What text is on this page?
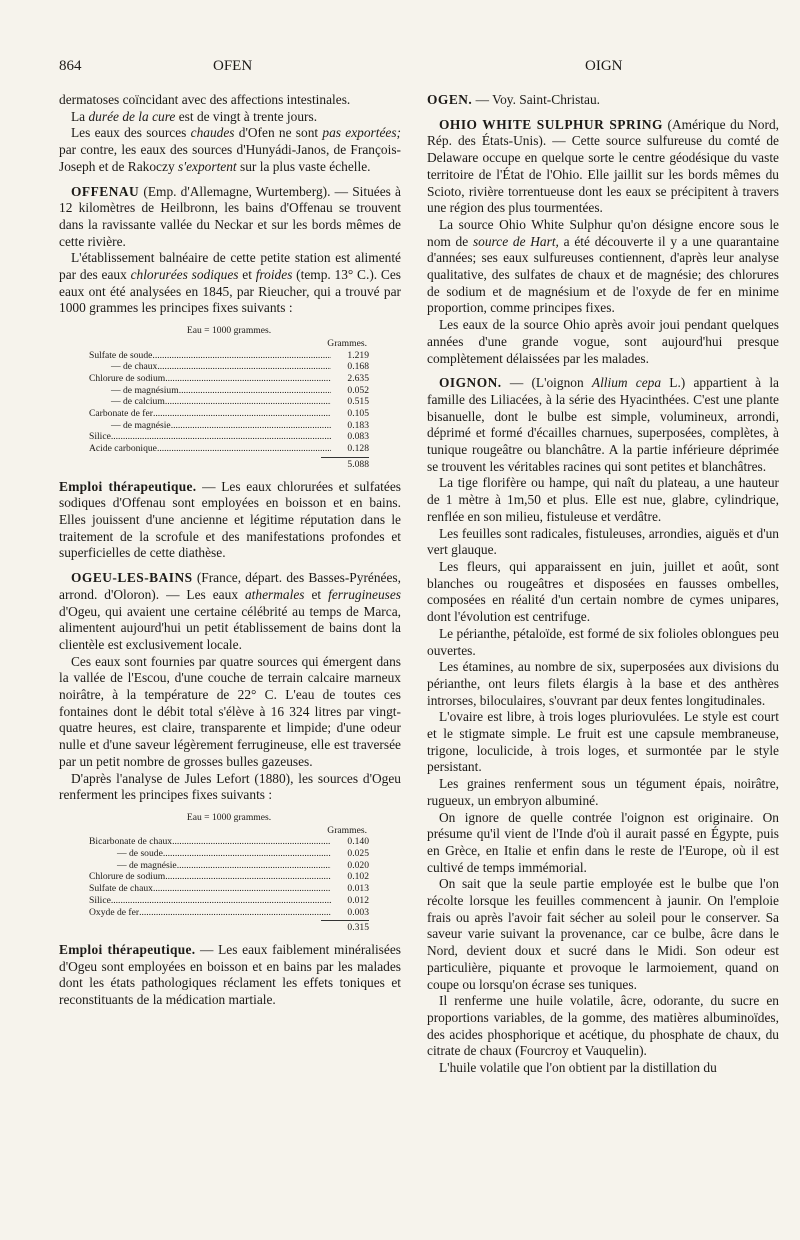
864	OFEN	OIGN

dermatoses coïncidant avec des affections intestinales.

La durée de la cure est de vingt à trente jours.

Les eaux des sources chaudes d'Ofen ne sont pas exportées; par contre, les eaux des sources d'Hunyádi-Janos, de François-Joseph et de Rakoczy s'exportent sur la plus vaste échelle.

OFFENAU (Emp. d'Allemagne, Wurtemberg). — Situées à 12 kilomètres de Heilbronn, les bains d'Offenau se trouvent dans la ravissante vallée du Neckar et sur les bords mêmes de cette rivière.

L'établissement balnéaire de cette petite station est alimenté par des eaux chlorurées sodiques et froides (temp. 13° C.). Ces eaux ont été analysées en 1845, par Rieucher, qui a trouvé par 1000 grammes les principes fixes suivants :

Eau = 1000 grammes.
Grammes.
Sulfate de soude .....	1.219
— de chaux .....	0.168
Chlorure de sodium .....	2.635
— de magnésium .....	0.052
— de calcium .....	0.515
Carbonate de fer .....	0.105
— de magnésie .....	0.183
Silice .....	0.083
Acide carbonique .....	0.128
5.088

Emploi thérapeutique. — Les eaux chlorurées et sulfatées sodiques d'Offenau sont employées en boisson et en bains. Elles jouissent d'une ancienne et légitime réputation dans le traitement de la scrofule et des manifestations profondes et superficielles de cette diathèse.

OGEU-LES-BAINS (France, départ. des Basses-Pyrénées, arrond. d'Oloron). — Les eaux athermales et ferrugineuses d'Ogeu, qui avaient une certaine célébrité au temps de Marca, alimentent aujourd'hui un petit établissement de bains dont la clientèle est exclusivement locale.

Ces eaux sont fournies par quatre sources qui émergent dans la vallée de l'Escou, d'une couche de terrain calcaire marneux noirâtre, à la température de 22° C. L'eau de toutes ces fontaines dont le débit total s'élève à 16 324 litres par vingt-quatre heures, est claire, transparente et limpide; d'une odeur nulle et d'une saveur légèrement ferrugineuse, elle est traversée par un petit nombre de grosses bulles gazeuses.

D'après l'analyse de Jules Lefort (1880), les sources d'Ogeu renferment les principes fixes suivants :

Eau = 1000 grammes.
Grammes.
Bicarbonate de chaux .....	0.140
— de soude .....	0.025
— de magnésie .....	0.020
Chlorure de sodium .....	0.102
Sulfate de chaux .....	0.013
Silice .....	0.012
Oxyde de fer .....	0.003
0.315

Emploi thérapeutique. — Les eaux faiblement minéralisées d'Ogeu sont employées en boisson et en bains par les malades dont les états pathologiques réclament les effets toniques et reconstituants de la médication martiale.

OGEN. — Voy. Saint-Christau.

OHIO WHITE SULPHUR SPRING (Amérique du Nord, Rép. des États-Unis). — Cette source sulfureuse du comté de Delaware occupe en quelque sorte le centre géodésique du vaste territoire de l'État de l'Ohio. Elle jaillit sur les bords mêmes du Scioto, rivière torrentueuse dont les eaux se précipitent à travers une région des plus tourmentées.

La source Ohio White Sulphur qu'on désigne encore sous le nom de source de Hart, a été découverte il y a une quarantaine d'années; ses eaux sulfureuses contiennent, d'après leur analyse qualitative, des sulfates de chaux et de magnésie; des chlorures de sodium et de magnésium et de l'oxyde de fer en minime proportion, comme principes fixes.

Les eaux de la source Ohio après avoir joui pendant quelques années d'une grande vogue, sont aujourd'hui presque complètement délaissées par les malades.

OIGNON. — (L'oignon Allium cepa L.) appartient à la famille des Liliacées, à la série des Hyacinthées. C'est une plante bisanuelle, dont le bulbe est simple, volumineux, arrondi, déprimé et formé d'écailles charnues, superposées, complètes, à tunique rougeâtre ou blanchâtre. A la partie inférieure déprimée se trouvent les véritables racines qui sont petites et blanchâtres.

La tige florifère ou hampe, qui naît du plateau, a une hauteur de 1 mètre à 1m,50 et plus. Elle est nue, glabre, cylindrique, renflée en son milieu, fistuleuse et verdâtre.

Les feuilles sont radicales, fistuleuses, arrondies, aiguës et d'un vert glauque.

Les fleurs, qui apparaissent en juin, juillet et août, sont blanches ou rougeâtres et disposées en fausses ombelles, composées en réalité d'un certain nombre de cymes unipares, dont l'évolution est centrifuge.

Le périanthe, pétaloïde, est formé de six folioles oblongues peu ouvertes.

Les étamines, au nombre de six, superposées aux divisions du périanthe, ont leurs filets élargis à la base et des anthères introrses, biloculaires, s'ouvrant par deux fentes longitudinales.

L'ovaire est libre, à trois loges pluriovulées. Le style est court et le stigmate simple. Le fruit est une capsule membraneuse, trigone, loculicide, à trois loges, et surmontée par le style persistant.

Les graines renferment sous un tégument épais, noirâtre, rugueux, un embryon albuminé.

On ignore de quelle contrée l'oignon est originaire. On présume qu'il vient de l'Inde d'où il aurait passé en Égypte, puis en Grèce, en Italie et enfin dans le reste de l'Europe, où il est cultivé de temps immémorial.

On sait que la seule partie employée est le bulbe que l'on récolte lorsque les feuilles commencent à jaunir. On l'emploie frais ou après l'avoir fait sécher au soleil pour le conserver. Sa saveur varie suivant la provenance, car ce bulbe, âcre dans le Nord, devient doux et sucré dans le Midi. Son odeur est particulière, piquante et provoque le larmoiement, quand on coupe ou lorsqu'on écrase ses tuniques.

Il renferme une huile volatile, âcre, odorante, du sucre en proportions variables, de la gomme, des matières albuminoïdes, des acides phosphorique et acétique, du phosphate de chaux, du citrate de chaux (Fourcroy et Vauquelin).

L'huile volatile que l'on obtient par la distillation du
